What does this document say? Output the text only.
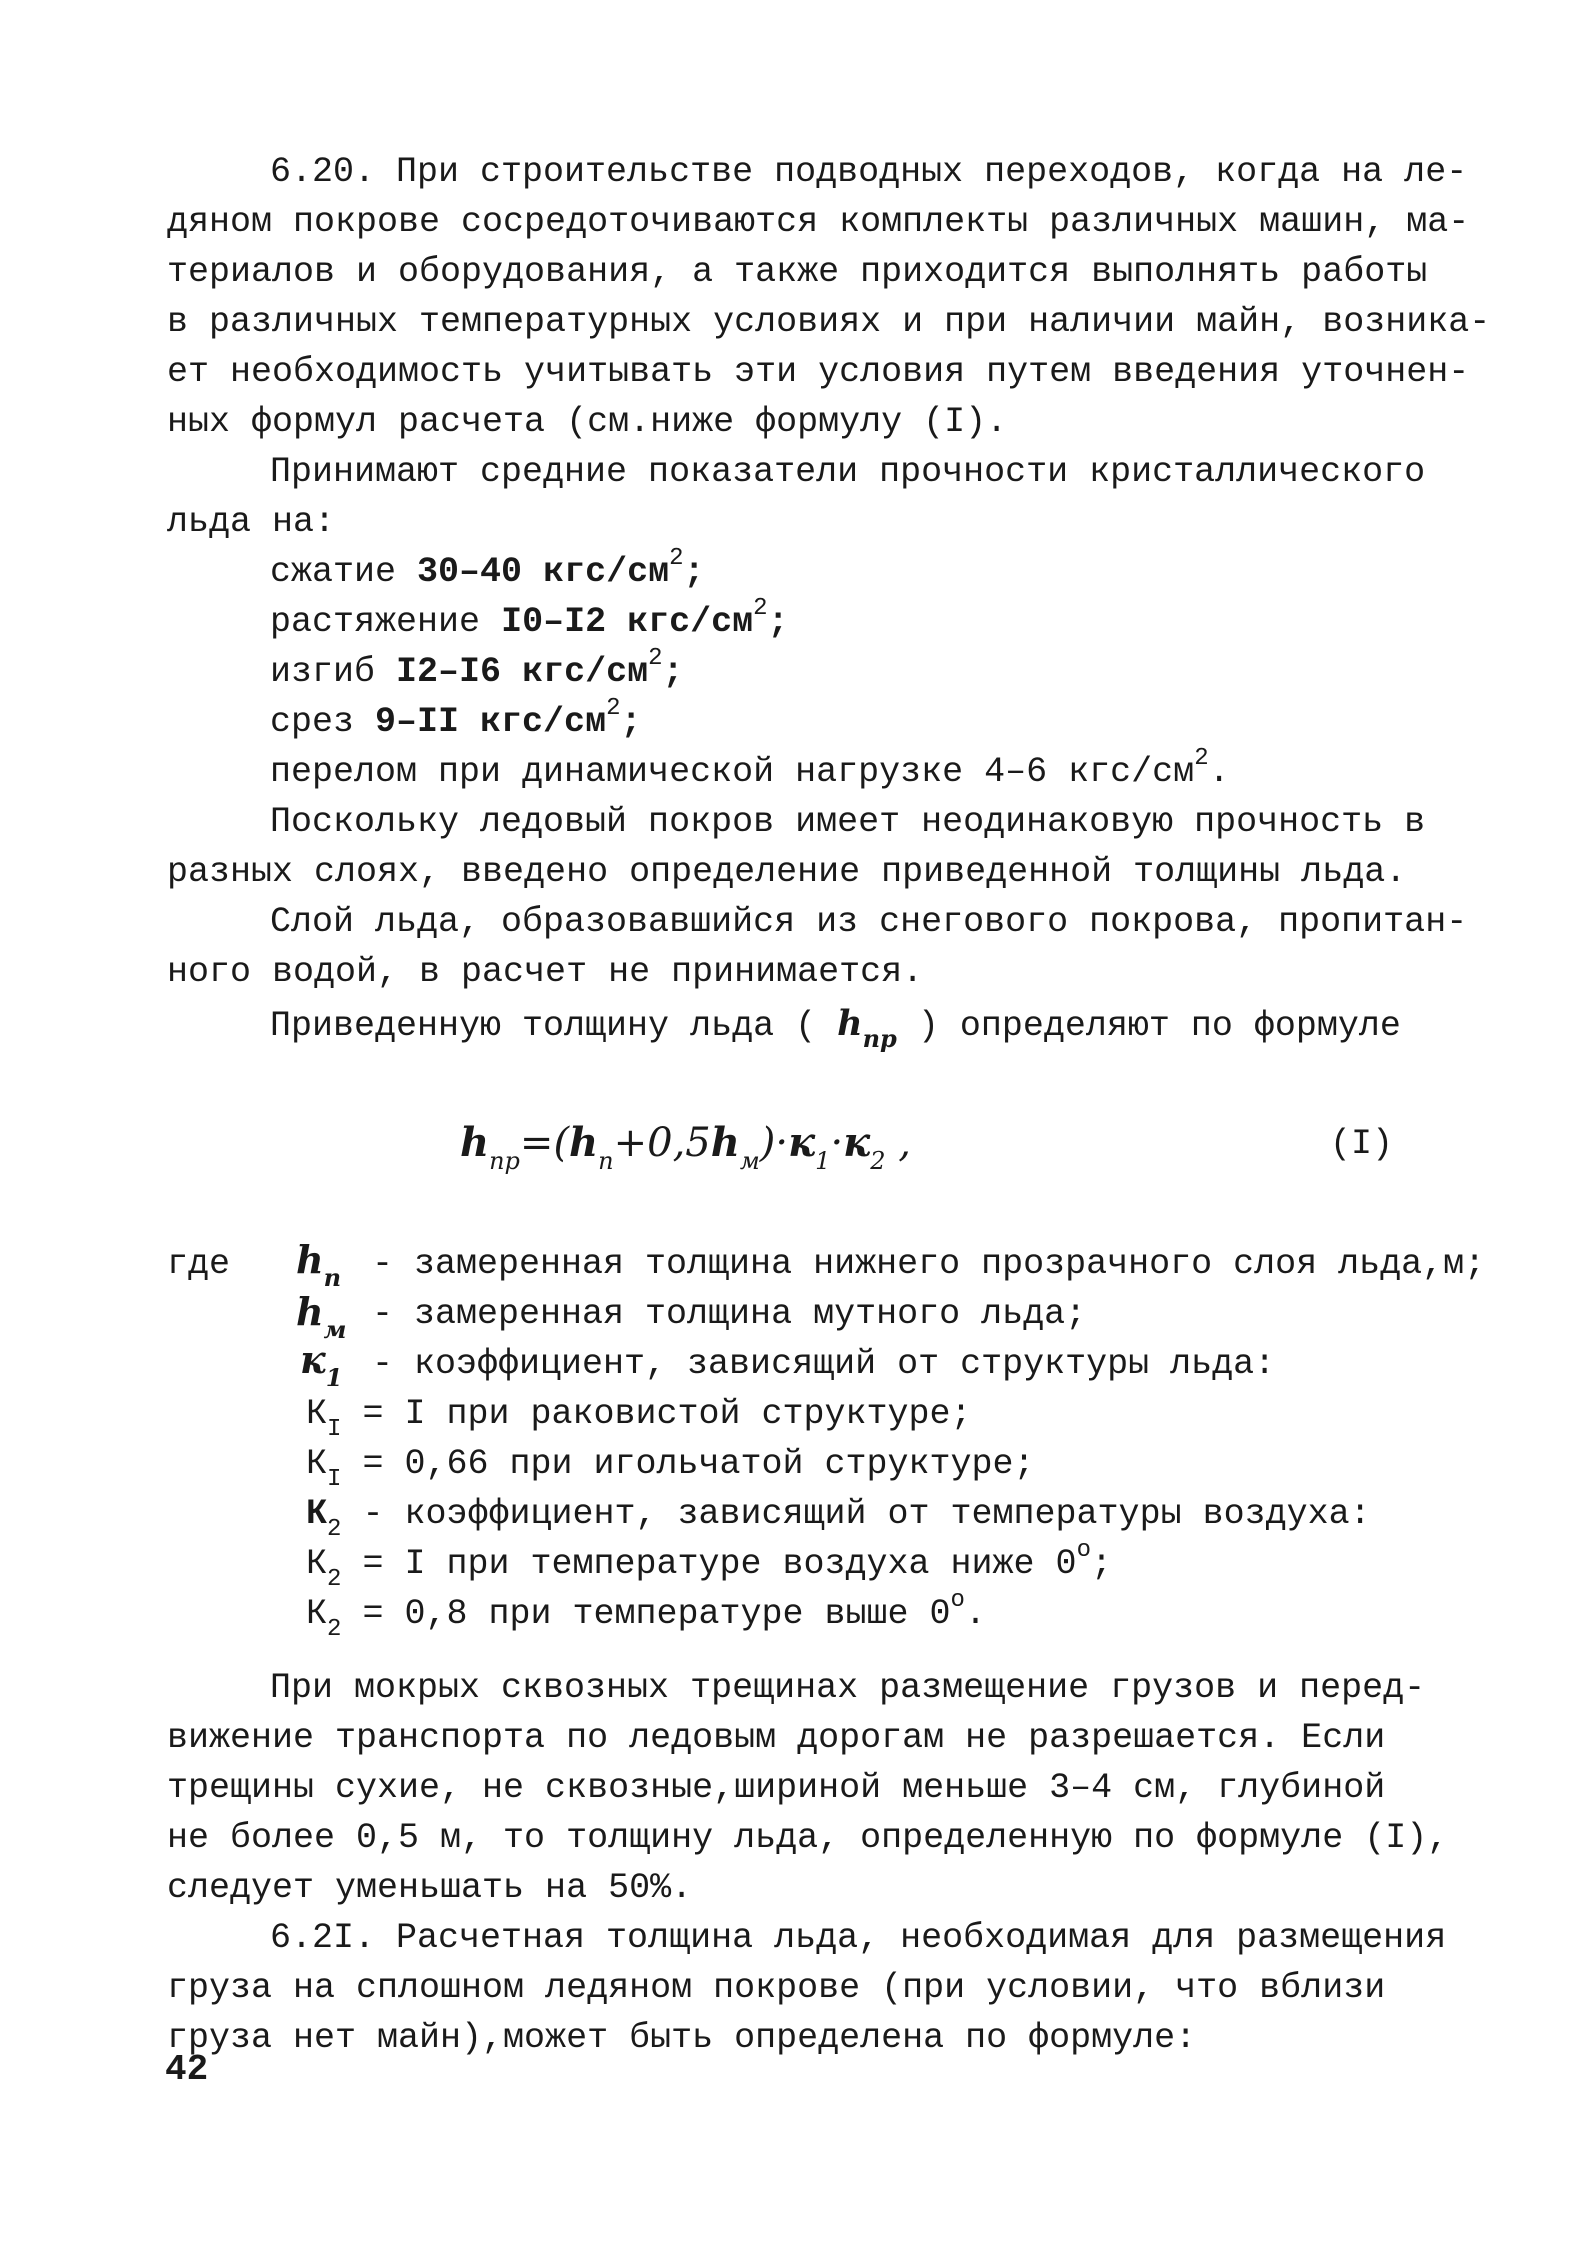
6.20. При строительстве подводных переходов, когда на ле-
дяном покрове сосредоточиваются комплекты различных машин, ма-
териалов и оборудования, а также приходится выполнять работы
в различных температурных условиях и при наличии майн, возника-
ет необходимость учитывать эти условия путем введения уточнен-
ных формул расчета (см.ниже формулу (I).
Принимают средние показатели прочности кристаллического
льда на:
сжатие 30–40 кгс/$см^2$;
растяжение I0–I2 кгс/$см^2$;
изгиб I2–I6 кгс/$см^2$;
срез 9–II кгс/$см^2$;
перелом при динамической нагрузке 4–6 кгс/$см^2$.
Поскольку ледовый покров имеет неодинаковую прочность в
разных слоях, введено определение приведенной толщины льда.
Слой льда, образовавшийся из снегового покрова, пропитан-
ного водой, в расчет не принимается.
Приведенную толщину льда ( $h_{пр}$ ) определяют по формуле
$h_{пр}=(h_п+0,5h_м)\cdot к_1\cdot к_2$ ,	(I)
где $h_п$ - замеренная толщина нижнего прозрачного слоя льда,м;
$h_м$ - замеренная толщина мутного льда;
$к_1$ - коэффициент, зависящий от структуры льда:
$К_I = I$ при раковистой структуре;
$К_I = 0,66$ при игольчатой структуре;
$К_2$ - коэффициент, зависящий от температуры воздуха:
$К_2 = I$ при температуре воздуха ниже $0^о$;
$К_2 = 0,8$ при температуре выше $0^о$.
При мокрых сквозных трещинах размещение грузов и перед-
вижение транспорта по ледовым дорогам не разрешается. Если
трещины сухие, не сквозные,шириной меньше 3–4 см, глубиной
не более 0,5 м, то толщину льда, определенную по формуле (I),
следует уменьшать на 50%.
6.2I. Расчетная толщина льда, необходимая для размещения
груза на сплошном ледяном покрове (при условии, что вблизи
груза нет майн),может быть определена по формуле:
42
